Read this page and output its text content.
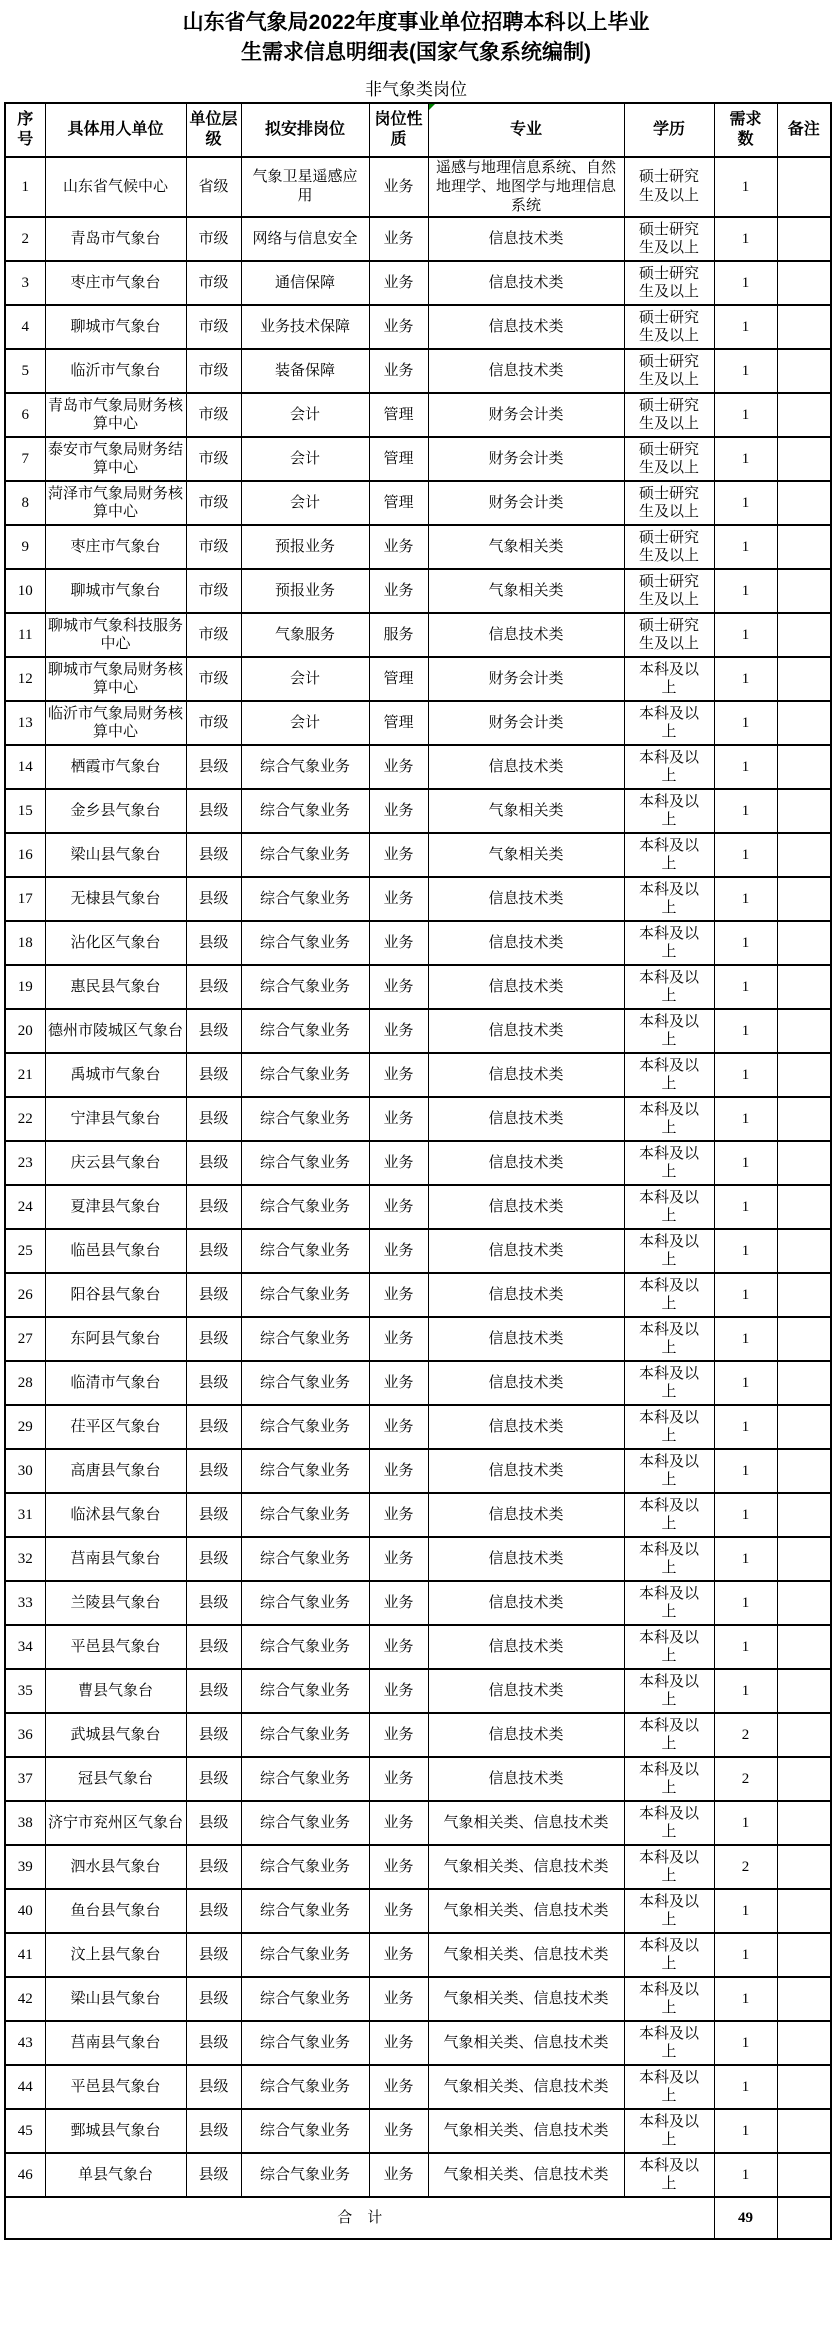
山东省气象局2022年度事业单位招聘本科以上毕业生需求信息明细表(国家气象系统编制)
非气象类岗位
序号	具体用人单位	单位层级	拟安排岗位	岗位性质	专业	学历	需求数	备注
1	山东省气候中心	省级	气象卫星遥感应用	业务	遥感与地理信息系统、自然地理学、地图学与地理信息系统	硕士研究生及以上	1	
2	青岛市气象台	市级	网络与信息安全	业务	信息技术类	硕士研究生及以上	1	
3	枣庄市气象台	市级	通信保障	业务	信息技术类	硕士研究生及以上	1	
4	聊城市气象台	市级	业务技术保障	业务	信息技术类	硕士研究生及以上	1	
5	临沂市气象台	市级	装备保障	业务	信息技术类	硕士研究生及以上	1	
6	青岛市气象局财务核算中心	市级	会计	管理	财务会计类	硕士研究生及以上	1	
7	泰安市气象局财务结算中心	市级	会计	管理	财务会计类	硕士研究生及以上	1	
8	菏泽市气象局财务核算中心	市级	会计	管理	财务会计类	硕士研究生及以上	1	
9	枣庄市气象台	市级	预报业务	业务	气象相关类	硕士研究生及以上	1	
10	聊城市气象台	市级	预报业务	业务	气象相关类	硕士研究生及以上	1	
11	聊城市气象科技服务中心	市级	气象服务	服务	信息技术类	硕士研究生及以上	1	
12	聊城市气象局财务核算中心	市级	会计	管理	财务会计类	本科及以上	1	
13	临沂市气象局财务核算中心	市级	会计	管理	财务会计类	本科及以上	1	
14	栖霞市气象台	县级	综合气象业务	业务	信息技术类	本科及以上	1	
15	金乡县气象台	县级	综合气象业务	业务	气象相关类	本科及以上	1	
16	梁山县气象台	县级	综合气象业务	业务	气象相关类	本科及以上	1	
17	无棣县气象台	县级	综合气象业务	业务	信息技术类	本科及以上	1	
18	沾化区气象台	县级	综合气象业务	业务	信息技术类	本科及以上	1	
19	惠民县气象台	县级	综合气象业务	业务	信息技术类	本科及以上	1	
20	德州市陵城区气象台	县级	综合气象业务	业务	信息技术类	本科及以上	1	
21	禹城市气象台	县级	综合气象业务	业务	信息技术类	本科及以上	1	
22	宁津县气象台	县级	综合气象业务	业务	信息技术类	本科及以上	1	
23	庆云县气象台	县级	综合气象业务	业务	信息技术类	本科及以上	1	
24	夏津县气象台	县级	综合气象业务	业务	信息技术类	本科及以上	1	
25	临邑县气象台	县级	综合气象业务	业务	信息技术类	本科及以上	1	
26	阳谷县气象台	县级	综合气象业务	业务	信息技术类	本科及以上	1	
27	东阿县气象台	县级	综合气象业务	业务	信息技术类	本科及以上	1	
28	临清市气象台	县级	综合气象业务	业务	信息技术类	本科及以上	1	
29	茌平区气象台	县级	综合气象业务	业务	信息技术类	本科及以上	1	
30	高唐县气象台	县级	综合气象业务	业务	信息技术类	本科及以上	1	
31	临沭县气象台	县级	综合气象业务	业务	信息技术类	本科及以上	1	
32	莒南县气象台	县级	综合气象业务	业务	信息技术类	本科及以上	1	
33	兰陵县气象台	县级	综合气象业务	业务	信息技术类	本科及以上	1	
34	平邑县气象台	县级	综合气象业务	业务	信息技术类	本科及以上	1	
35	曹县气象台	县级	综合气象业务	业务	信息技术类	本科及以上	1	
36	武城县气象台	县级	综合气象业务	业务	信息技术类	本科及以上	2	
37	冠县气象台	县级	综合气象业务	业务	信息技术类	本科及以上	2	
38	济宁市兖州区气象台	县级	综合气象业务	业务	气象相关类、信息技术类	本科及以上	1	
39	泗水县气象台	县级	综合气象业务	业务	气象相关类、信息技术类	本科及以上	2	
40	鱼台县气象台	县级	综合气象业务	业务	气象相关类、信息技术类	本科及以上	1	
41	汶上县气象台	县级	综合气象业务	业务	气象相关类、信息技术类	本科及以上	1	
42	梁山县气象台	县级	综合气象业务	业务	气象相关类、信息技术类	本科及以上	1	
43	莒南县气象台	县级	综合气象业务	业务	气象相关类、信息技术类	本科及以上	1	
44	平邑县气象台	县级	综合气象业务	业务	气象相关类、信息技术类	本科及以上	1	
45	鄄城县气象台	县级	综合气象业务	业务	气象相关类、信息技术类	本科及以上	1	
46	单县气象台	县级	综合气象业务	业务	气象相关类、信息技术类	本科及以上	1	
合　计							49	
